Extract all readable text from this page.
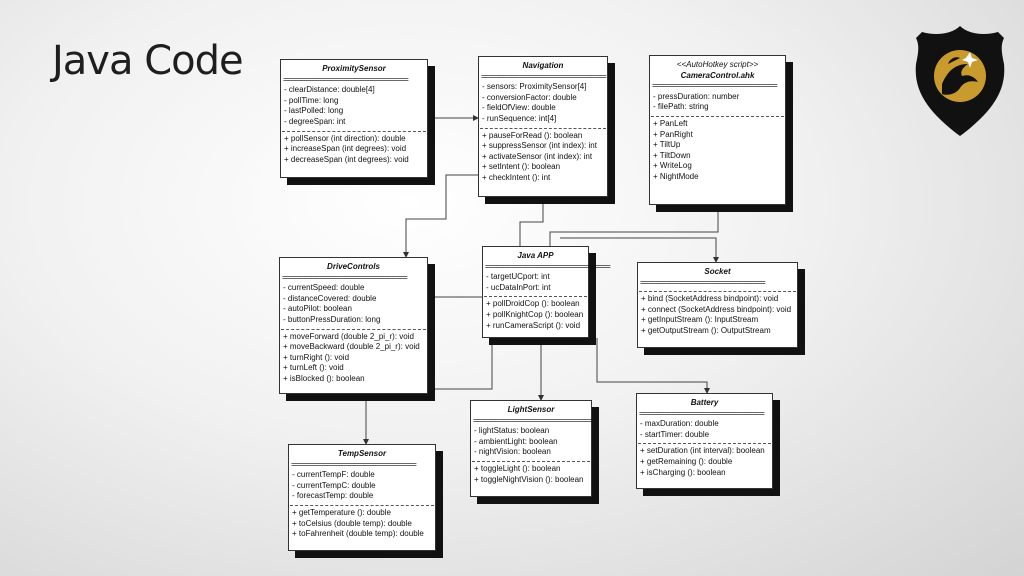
Java Code	ProximitySensor
==================================
- clearDistance: double[4]
- pollTime: long
- lastPolled: long
- degreeSpan: int
+ pollSensor (int direction): double
+ increaseSpan (int degrees): void
+ decreaseSpan (int degrees): void
Navigation
==================================
- sensors: ProximitySensor[4]
- conversionFactor: double
- fieldOfView: double
- runSequence: int[4]
+ pauseForRead (): boolean
+ suppressSensor (int index): int
+ activateSensor (int index): int
+ setIntent (): boolean
+ checkIntent (): int
<<AutoHotkey script>>
CameraControl.ahk
==================================
- pressDuration: number
- filePath: string
+ PanLeft
+ PanRight
+ TiltUp
+ TiltDown
+ WriteLog
+ NightMode
DriveControls
==================================
- currentSpeed: double
- distanceCovered: double
- autoPilot: boolean
- buttonPressDuration: long
+ moveForward (double 2_pi_r): void
+ moveBackward (double 2_pi_r): void
+ turnRight (): void
+ turnLeft (): void
+ isBlocked (): boolean
Java APP
==================================
- targetUCport: int
- ucDataInPort: int
+ pollDroidCop (): boolean
+ pollKnightCop (): boolean
+ runCameraScript (): void
Socket
==================================
+ bind (SocketAddress bindpoint): void
+ connect (SocketAddress bindpoint): void
+ getInputStream (): InputStream
+ getOutputStream (): OutputStream
LightSensor
==================================
- lightStatus: boolean
- ambientLight: boolean
- nightVision: boolean
+ toggleLight (): boolean
+ toggleNightVision (): boolean
Battery
==================================
- maxDuration: double
- startTimer: double
+ setDuration (int interval): boolean
+ getRemaining (): double
+ isCharging (): boolean
TempSensor
==================================
- currentTempF: double
- currentTempC: double
- forecastTemp: double
+ getTemperature (): double
+ toCelsius (double temp): double
+ toFahrenheit (double temp): double
